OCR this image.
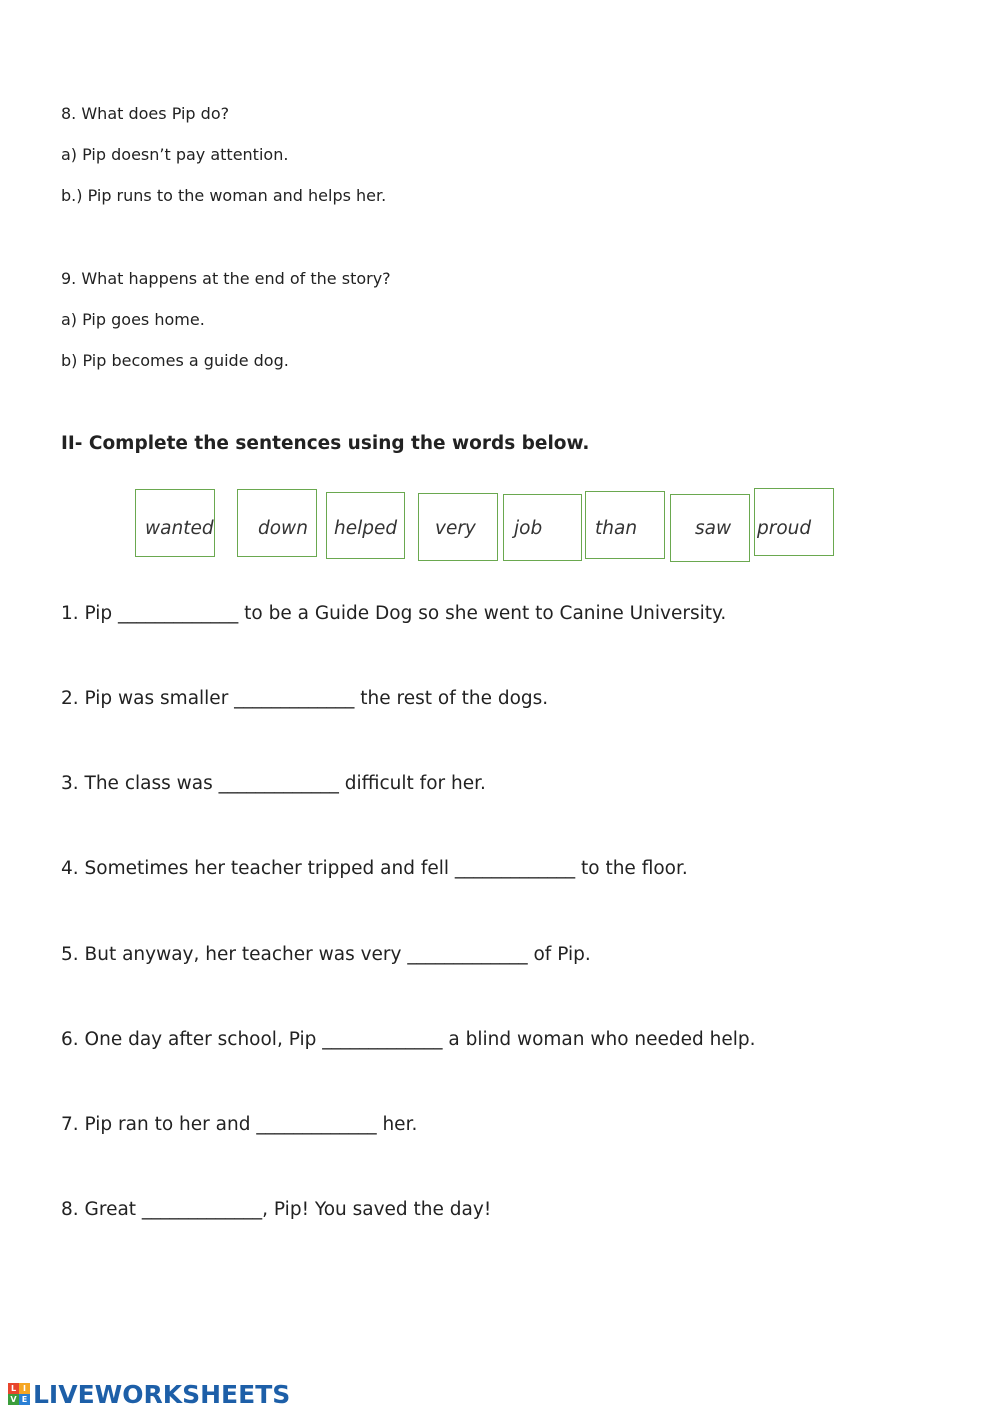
8. What does Pip do?
a) Pip doesn’t pay attention.
b.) Pip runs to the woman and helps her.
9. What happens at the end of the story?
a) Pip goes home.
b) Pip becomes a guide dog.
II- Complete the sentences using the words below.
wanted down helped very job	than	saw proud
1. Pip _____________ to be a Guide Dog so she went to Canine University.
2. Pip was smaller _____________ the rest of the dogs.
3. The class was _____________ difficult for her.
4. Sometimes her teacher tripped and fell _____________ to the floor.
5. But anyway, her teacher was very _____________ of Pip.
6. One day after school, Pip _____________ a blind woman who needed help.
7. Pip ran to her and _____________ her.
8. Great _____________, Pip! You saved the day!
L I
V E LIVEWORKSHEETS
